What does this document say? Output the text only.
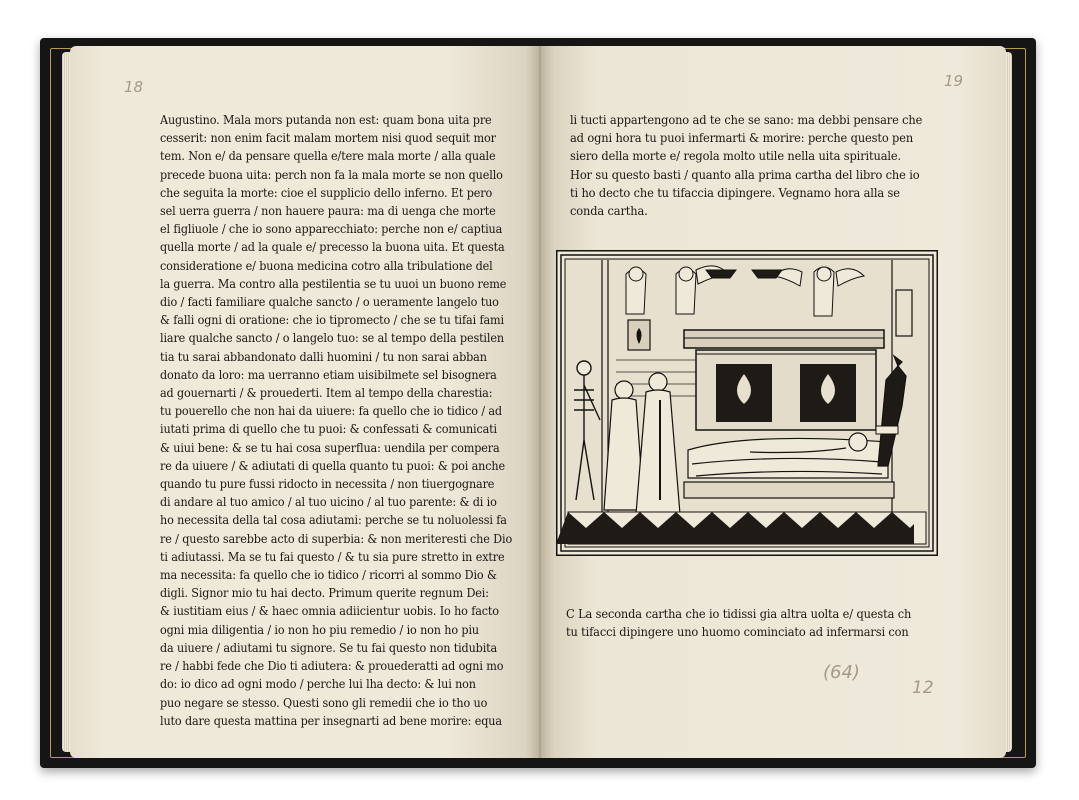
18	19
(64)
12
Augustino. Mala mors putanda non est: quam bona uita pre
cesserit: non enim facit malam mortem nisi quod sequit mor
tem. Non e/ da pensare quella e/tere mala morte / alla quale
precede buona uita: perch non fa la mala morte se non quello
che seguita la morte: cioe el supplicio dello inferno. Et pero
sel uerra guerra / non hauere paura: ma di uenga che morte
el figliuole / che io sono apparecchiato: perche non e/ captiua
quella morte / ad la quale e/ precesso la buona uita. Et questa
consideratione e/ buona medicina cotro alla tribulatione del
la guerra. Ma contro alla pestilentia se tu uuoi un buono reme
dio / facti familiare qualche sancto / o ueramente langelo tuo
& falli ogni di oratione: che io tipromecto / che se tu tifai fami
liare qualche sancto / o langelo tuo: se al tempo della pestilen
tia tu sarai abbandonato dalli huomini / tu non sarai abban
donato da loro: ma uerranno etiam uisibilmete sel bisognera
ad gouernarti / & prouederti. Item al tempo della charestia:
tu pouerello che non hai da uiuere: fa quello che io tidico / ad
iutati prima di quello che tu puoi: & confessati & comunicati
& uiui bene: & se tu hai cosa superflua: uendila per compera
re da uiuere / & adiutati di quella quanto tu puoi: & poi anche
quando tu pure fussi ridocto in necessita / non tiuergognare
di andare al tuo amico / al tuo uicino / al tuo parente: & di io
ho necessita della tal cosa adiutami: perche se tu noluolessi fa
re / questo sarebbe acto di superbia: & non meriteresti che Dio
ti adiutassi. Ma se tu fai questo / & tu sia pure stretto in extre
ma necessita: fa quello che io tidico / ricorri al sommo Dio &
digli. Signor mio tu hai decto. Primum querite regnum Dei:
& iustitiam eius / & haec omnia adiicientur uobis. Io ho facto
ogni mia diligentia / io non ho piu remedio / io non ho piu
da uiuere / adiutami tu signore. Se tu fai questo non tidubita
re / habbi fede che Dio ti adiutera: & prouederatti ad ogni mo
do: io dico ad ogni modo / perche lui lha decto: & lui non
puo negare se stesso. Questi sono gli remedii che io tho uo
luto dare questa mattina per insegnarti ad bene morire: equa
li tucti appartengono ad te che se sano: ma debbi pensare che
ad ogni hora tu puoi infermarti & morire: perche questo pen
siero della morte e/ regola molto utile nella uita spirituale.
Hor su questo basti / quanto alla prima cartha del libro che io
ti ho decto che tu tifaccia dipingere. Vegnamo hora alla se
conda cartha.
C La seconda cartha che io tidissi gia altra uolta e/ questa ch
tu tifacci dipingere uno huomo cominciato ad infermarsi con
